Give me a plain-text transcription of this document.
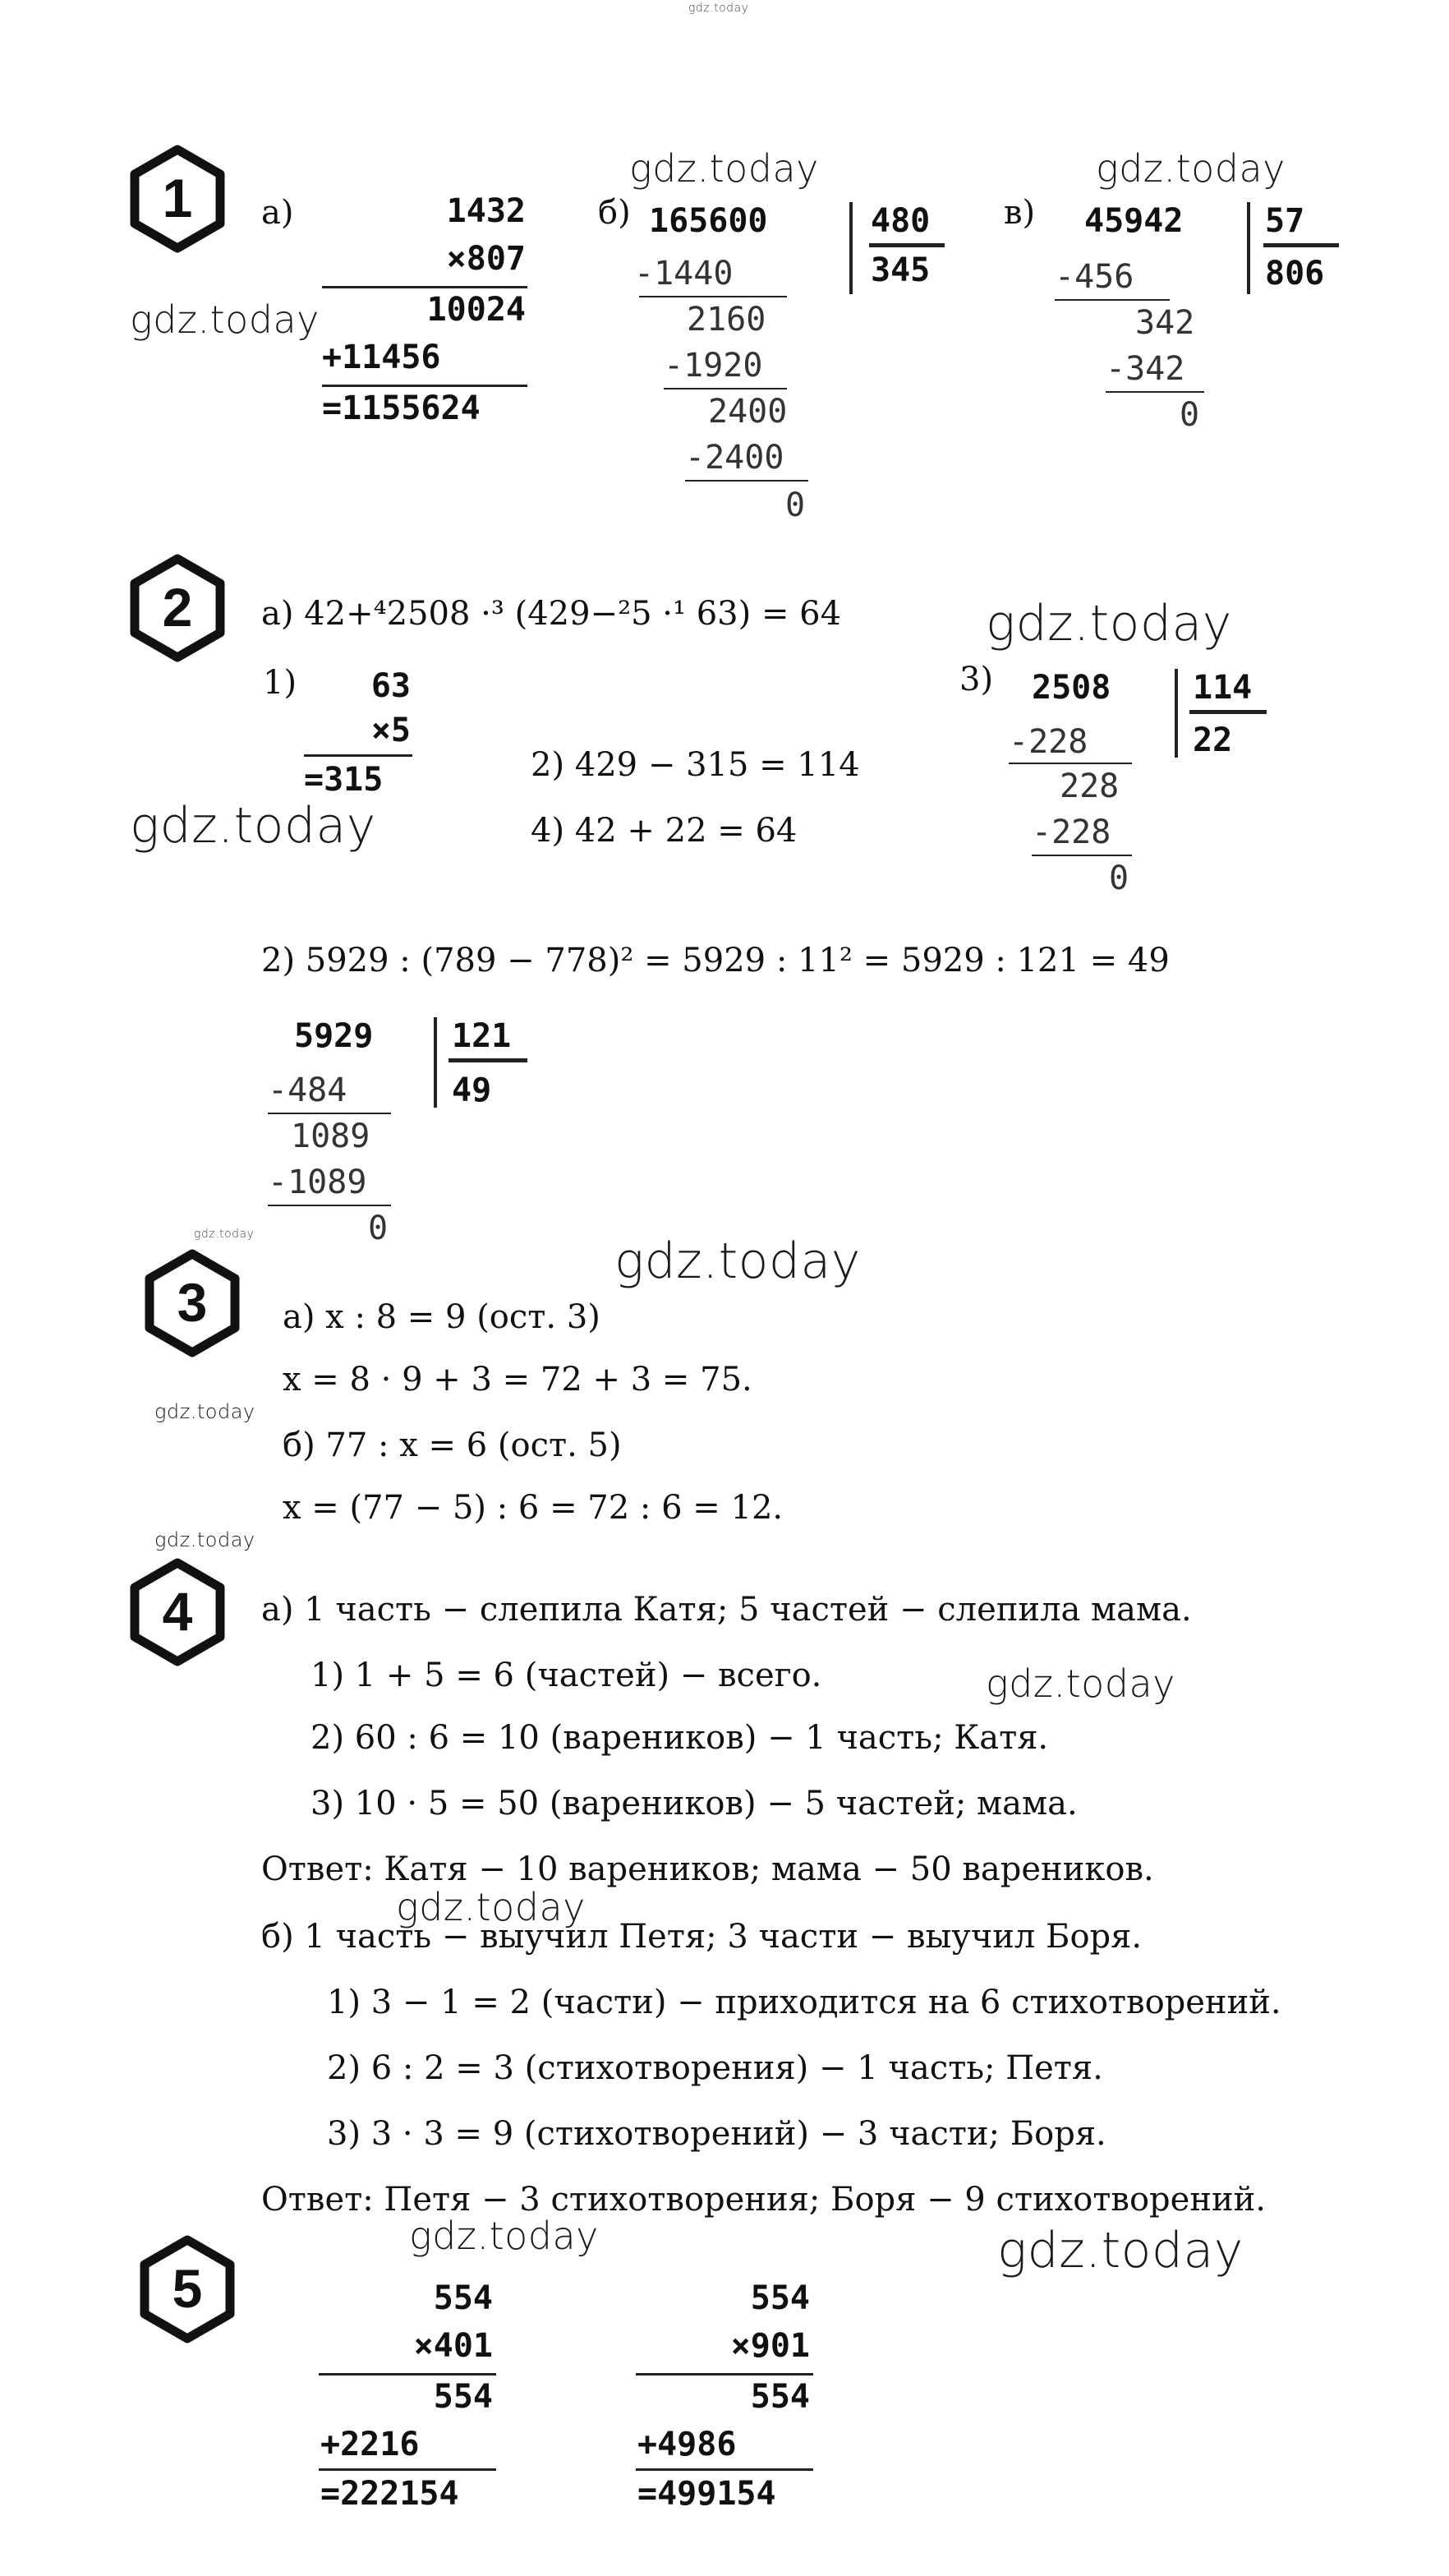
gdz.today
gdz.today	gdz.today
gdz.today
gdz.today
gdz.today
gdz.today	gdz.today
gdz.today
gdz.today
gdz.today
gdz.today
gdz.today	gdz.today
1 а)	1432
×807
10024
+11456
=1155624
б) 165600	480
345
-1440
2160
-1920
2400
-2400
0
в) 45942 57
806
-456
342
-342
0
2 а) 42+⁴2508 ·³ (429−²5 ·¹ 63) = 64
1)	63
×5
=315	2) 429 − 315 = 114
4) 42 + 22 = 64
3) 2508 114
22
-228
228
-228
0
2) 5929 : (789 − 778)² = 5929 : 11² = 5929 : 121 = 49
5929 121
49
-484
1089
-1089
0
3 а) x : 8 = 9 (ост. 3)
x = 8 · 9 + 3 = 72 + 3 = 75.
б) 77 : x = 6 (ост. 5)
x = (77 − 5) : 6 = 72 : 6 = 12.
4 а) 1 часть − слепила Катя; 5 частей − слепила мама.
1) 1 + 5 = 6 (частей) − всего.
2) 60 : 6 = 10 (вареников) − 1 часть; Катя.
3) 10 · 5 = 50 (вареников) − 5 частей; мама.
Ответ: Катя − 10 вареников; мама − 50 вареников.
б) 1 часть − выучил Петя; 3 части − выучил Боря.
1) 3 − 1 = 2 (части) − приходится на 6 стихотворений.
2) 6 : 2 = 3 (стихотворения) − 1 часть; Петя.
3) 3 · 3 = 9 (стихотворений) − 3 части; Боря.
Ответ: Петя − 3 стихотворения; Боря − 9 стихотворений.
5	554
×401
554
+2216
=222154
554
×901
554
+4986
=499154
